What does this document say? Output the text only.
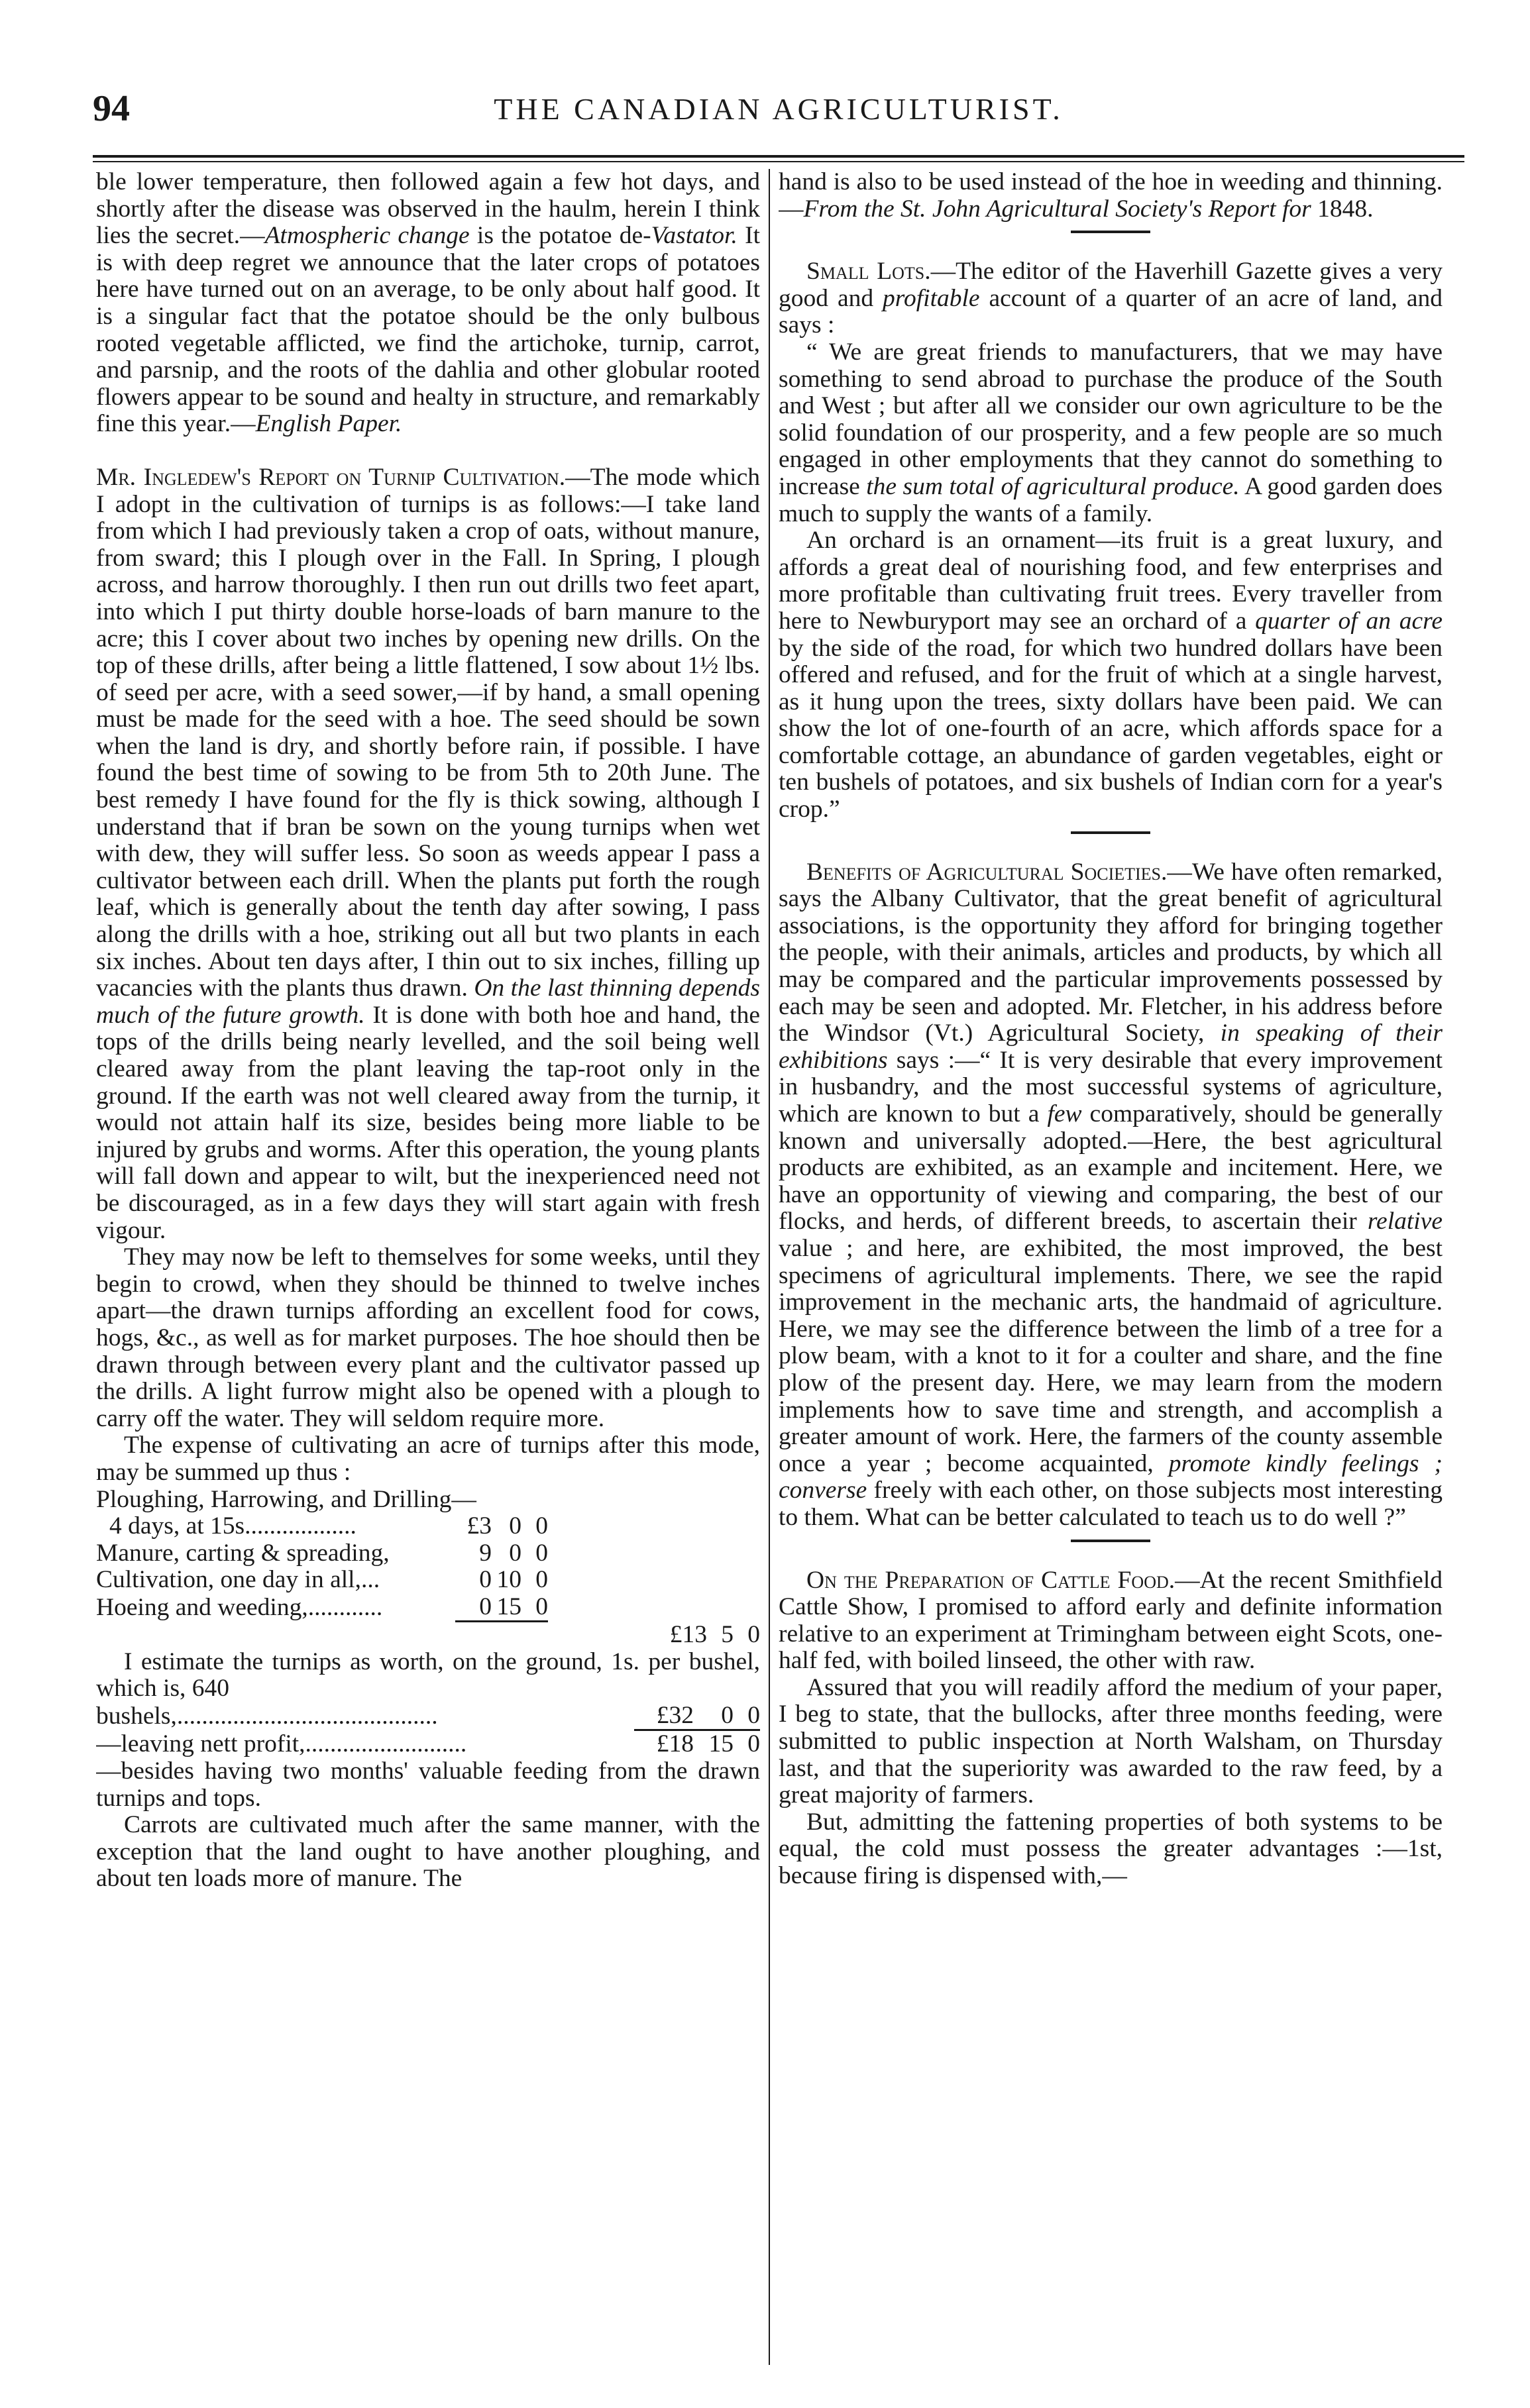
94	THE CANADIAN AGRICULTURIST.

ble lower temperature, then followed again a few hot days, and shortly after the disease was observed in the haulm, herein I think lies the secret.—Atmospheric change is the potatoe de-Vastator. It is with deep regret we announce that the later crops of potatoes here have turned out on an average, to be only about half good. It is a singular fact that the potatoe should be the only bulbous rooted vegetable afflicted, we find the artichoke, turnip, carrot, and parsnip, and the roots of the dahlia and other globular rooted flowers appear to be sound and healty in structure, and remarkably fine this year.—English Paper.

Mr. Ingledew's Report on Turnip Cultivation.—The mode which I adopt in the cultivation of turnips is as follows:—I take land from which I had previously taken a crop of oats, without manure, from sward; this I plough over in the Fall. In Spring, I plough across, and harrow thoroughly. I then run out drills two feet apart, into which I put thirty double horse-loads of barn manure to the acre; this I cover about two inches by opening new drills. On the top of these drills, after being a little flattened, I sow about 1½ lbs. of seed per acre, with a seed sower,—if by hand, a small opening must be made for the seed with a hoe. The seed should be sown when the land is dry, and shortly before rain, if possible. I have found the best time of sowing to be from 5th to 20th June. The best remedy I have found for the fly is thick sowing, although I understand that if bran be sown on the young turnips when wet with dew, they will suffer less. So soon as weeds appear I pass a cultivator between each drill. When the plants put forth the rough leaf, which is generally about the tenth day after sowing, I pass along the drills with a hoe, striking out all but two plants in each six inches. About ten days after, I thin out to six inches, filling up vacancies with the plants thus drawn. On the last thinning depends much of the future growth. It is done with both hoe and hand, the tops of the drills being nearly levelled, and the soil being well cleared away from the plant leaving the tap-root only in the ground. If the earth was not well cleared away from the turnip, it would not attain half its size, besides being more liable to be injured by grubs and worms. After this operation, the young plants will fall down and appear to wilt, but the inexperienced need not be discouraged, as in a few days they will start again with fresh vigour.

They may now be left to themselves for some weeks, until they begin to crowd, when they should be thinned to twelve inches apart—the drawn turnips affording an excellent food for cows, hogs, &c., as well as for market purposes. The hoe should then be drawn through between every plant and the cultivator passed up the drills. A light furrow might also be opened with a plough to carry off the water. They will seldom require more.

The expense of cultivating an acre of turnips after this mode, may be summed up thus :

Ploughing, Harrowing, and Drilling—						
4 days, at 15s..................	£3	0	0			
Manure, carting & spreading,	9	0	0			
Cultivation, one day in all,...	0	10	0			
Hoeing and weeding,............	0	15	0			
				£13	5	0

I estimate the turnips as worth, on the ground, 1s. per bushel, which is, 640

bushels,..........................................	£32	0	0
—leaving nett profit,..........................	£18	15	0

—besides having two months' valuable feeding from the drawn turnips and tops.

Carrots are cultivated much after the same manner, with the exception that the land ought to have another ploughing, and about ten loads more of manure. The

hand is also to be used instead of the hoe in weeding and thinning.—From the St. John Agricultural Society's Report for 1848.

Small Lots.—The editor of the Haverhill Gazette gives a very good and profitable account of a quarter of an acre of land, and says :

“ We are great friends to manufacturers, that we may have something to send abroad to purchase the produce of the South and West ; but after all we consider our own agriculture to be the solid foundation of our prosperity, and a few people are so much engaged in other employments that they cannot do something to increase the sum total of agricultural produce. A good garden does much to supply the wants of a family.

An orchard is an ornament—its fruit is a great luxury, and affords a great deal of nourishing food, and few enterprises and more profitable than cultivating fruit trees. Every traveller from here to Newburyport may see an orchard of a quarter of an acre by the side of the road, for which two hundred dollars have been offered and refused, and for the fruit of which at a single harvest, as it hung upon the trees, sixty dollars have been paid. We can show the lot of one-fourth of an acre, which affords space for a comfortable cottage, an abundance of garden vegetables, eight or ten bushels of potatoes, and six bushels of Indian corn for a year's crop.”

Benefits of Agricultural Societies.—We have often remarked, says the Albany Cultivator, that the great benefit of agricultural associations, is the opportunity they afford for bringing together the people, with their animals, articles and products, by which all may be compared and the particular improvements possessed by each may be seen and adopted. Mr. Fletcher, in his address before the Windsor (Vt.) Agricultural Society, in speaking of their exhibitions says :—“ It is very desirable that every improvement in husbandry, and the most successful systems of agriculture, which are known to but a few comparatively, should be generally known and universally adopted.—Here, the best agricultural products are exhibited, as an example and incitement. Here, we have an opportunity of viewing and comparing, the best of our flocks, and herds, of different breeds, to ascertain their relative value ; and here, are exhibited, the most improved, the best specimens of agricultural implements. There, we see the rapid improvement in the mechanic arts, the handmaid of agriculture. Here, we may see the difference between the limb of a tree for a plow beam, with a knot to it for a coulter and share, and the fine plow of the present day. Here, we may learn from the modern implements how to save time and strength, and accomplish a greater amount of work. Here, the farmers of the county assemble once a year ; become acquainted, promote kindly feelings ; converse freely with each other, on those subjects most interesting to them. What can be better calculated to teach us to do well ?”

On the Preparation of Cattle Food.—At the recent Smithfield Cattle Show, I promised to afford early and definite information relative to an experiment at Trimingham between eight Scots, one-half fed, with boiled linseed, the other with raw.

Assured that you will readily afford the medium of your paper, I beg to state, that the bullocks, after three months feeding, were submitted to public inspection at North Walsham, on Thursday last, and that the superiority was awarded to the raw feed, by a great majority of farmers.

But, admitting the fattening properties of both systems to be equal, the cold must possess the greater advantages :—1st, because firing is dispensed with,—
